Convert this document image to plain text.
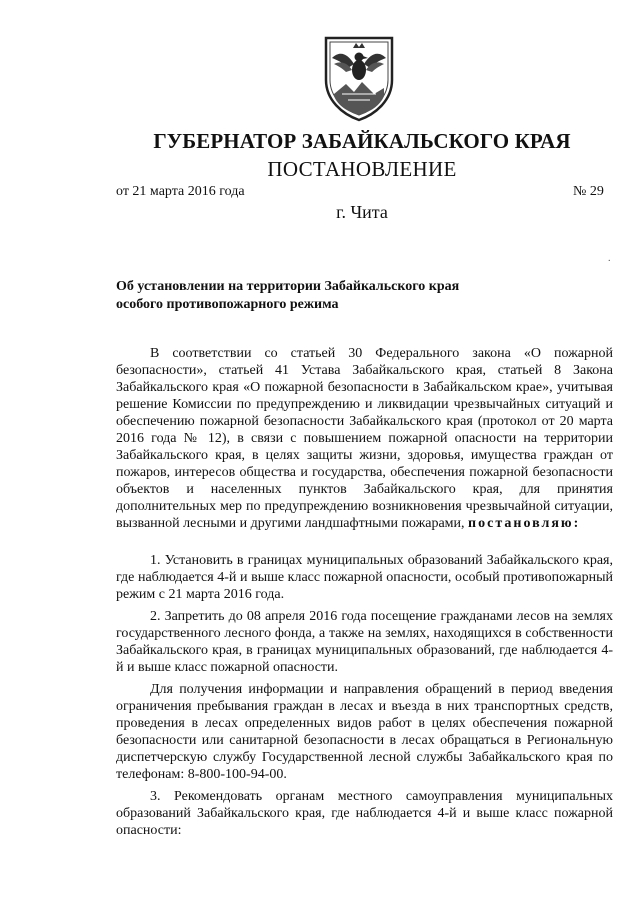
ГУБЕРНАТОР ЗАБАЙКАЛЬСКОГО КРАЯ
ПОСТАНОВЛЕНИЕ
от 21 марта 2016 года	№ 29
г. Чита
.
Об установлении на территории Забайкальского края
особого противопожарного режима

В соответствии со статьей 30 Федерального закона «О пожарной безопасности», статьей 41 Устава Забайкальского края, статьей 8 Закона Забайкальского края «О пожарной безопасности в Забайкальском крае», учитывая решение Комиссии по предупреждению и ликвидации чрезвычайных ситуаций и обеспечению пожарной безопасности Забайкальского края (протокол от 20 марта 2016 года № 12), в связи с повышением пожарной опасности на территории Забайкальского края, в целях защиты жизни, здоровья, имущества граждан от пожаров, интересов общества и государства, обеспечения пожарной безопасности объектов и населенных пунктов Забайкальского края, для принятия дополнительных мер по предупреждению возникновения чрезвычайной ситуации, вызванной лесными и другими ландшафтными пожарами, постановляю:

1. Установить в границах муниципальных образований Забайкальского края, где наблюдается 4-й и выше класс пожарной опасности, особый противопожарный режим с 21 марта 2016 года.

2. Запретить до 08 апреля 2016 года посещение гражданами лесов на землях государственного лесного фонда, а также на землях, находящихся в собственности Забайкальского края, в границах муниципальных образований, где наблюдается 4-й и выше класс пожарной опасности.

Для получения информации и направления обращений в период введения ограничения пребывания граждан в лесах и въезда в них транспортных средств, проведения в лесах определенных видов работ в целях обеспечения пожарной безопасности или санитарной безопасности в лесах обращаться в Региональную диспетчерскую службу Государственной лесной службы Забайкальского края по телефонам: 8-800-100-94-00.

3. Рекомендовать органам местного самоуправления муниципальных образований Забайкальского края, где наблюдается 4-й и выше класс пожарной опасности:
